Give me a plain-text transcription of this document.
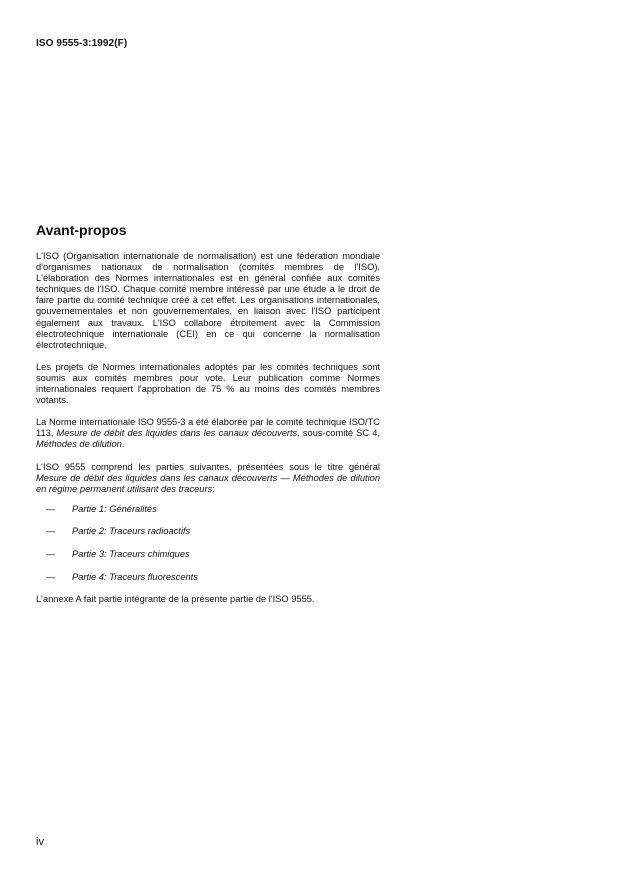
ISO 9555-3:1992(F)
Avant-propos

L'ISO (Organisation internationale de normalisation) est une fédération mondiale d'organismes nationaux de normalisation (comités membres de l'ISO). L'élaboration des Normes internationales est en général confiée aux comités techniques de l'ISO. Chaque comité membre intéressé par une étude a le droit de faire partie du comité technique créé à cet effet. Les organisations internationales, gouvernementales et non gouvernementales, en liaison avec l'ISO participent également aux travaux. L'ISO collabore étroitement avec la Commission électrotechnique internationale (CEI) en ce qui concerne la normalisation électrotechnique.

Les projets de Normes internationales adoptés par les comités techniques sont soumis aux comités membres pour vote. Leur publication comme Normes internationales requiert l'approbation de 75 % au moins des comités membres votants.

La Norme internationale ISO 9555-3 a été élaborée par le comité technique ISO/TC 113, Mesure de débit des liquides dans les canaux découverts, sous-comité SC 4, Méthodes de dilution.

L'ISO 9555 comprend les parties suivantes, présentées sous le titre général Mesure de débit des liquides dans les canaux découverts — Méthodes de dilution en régime permanent utilisant des traceurs:

—	Partie 1: Généralités
—	Partie 2: Traceurs radioactifs
—	Partie 3: Traceurs chimiques
—	Partie 4: Traceurs fluorescents

L'annexe A fait partie intégrante de la présente partie de l'ISO 9555.

iv
